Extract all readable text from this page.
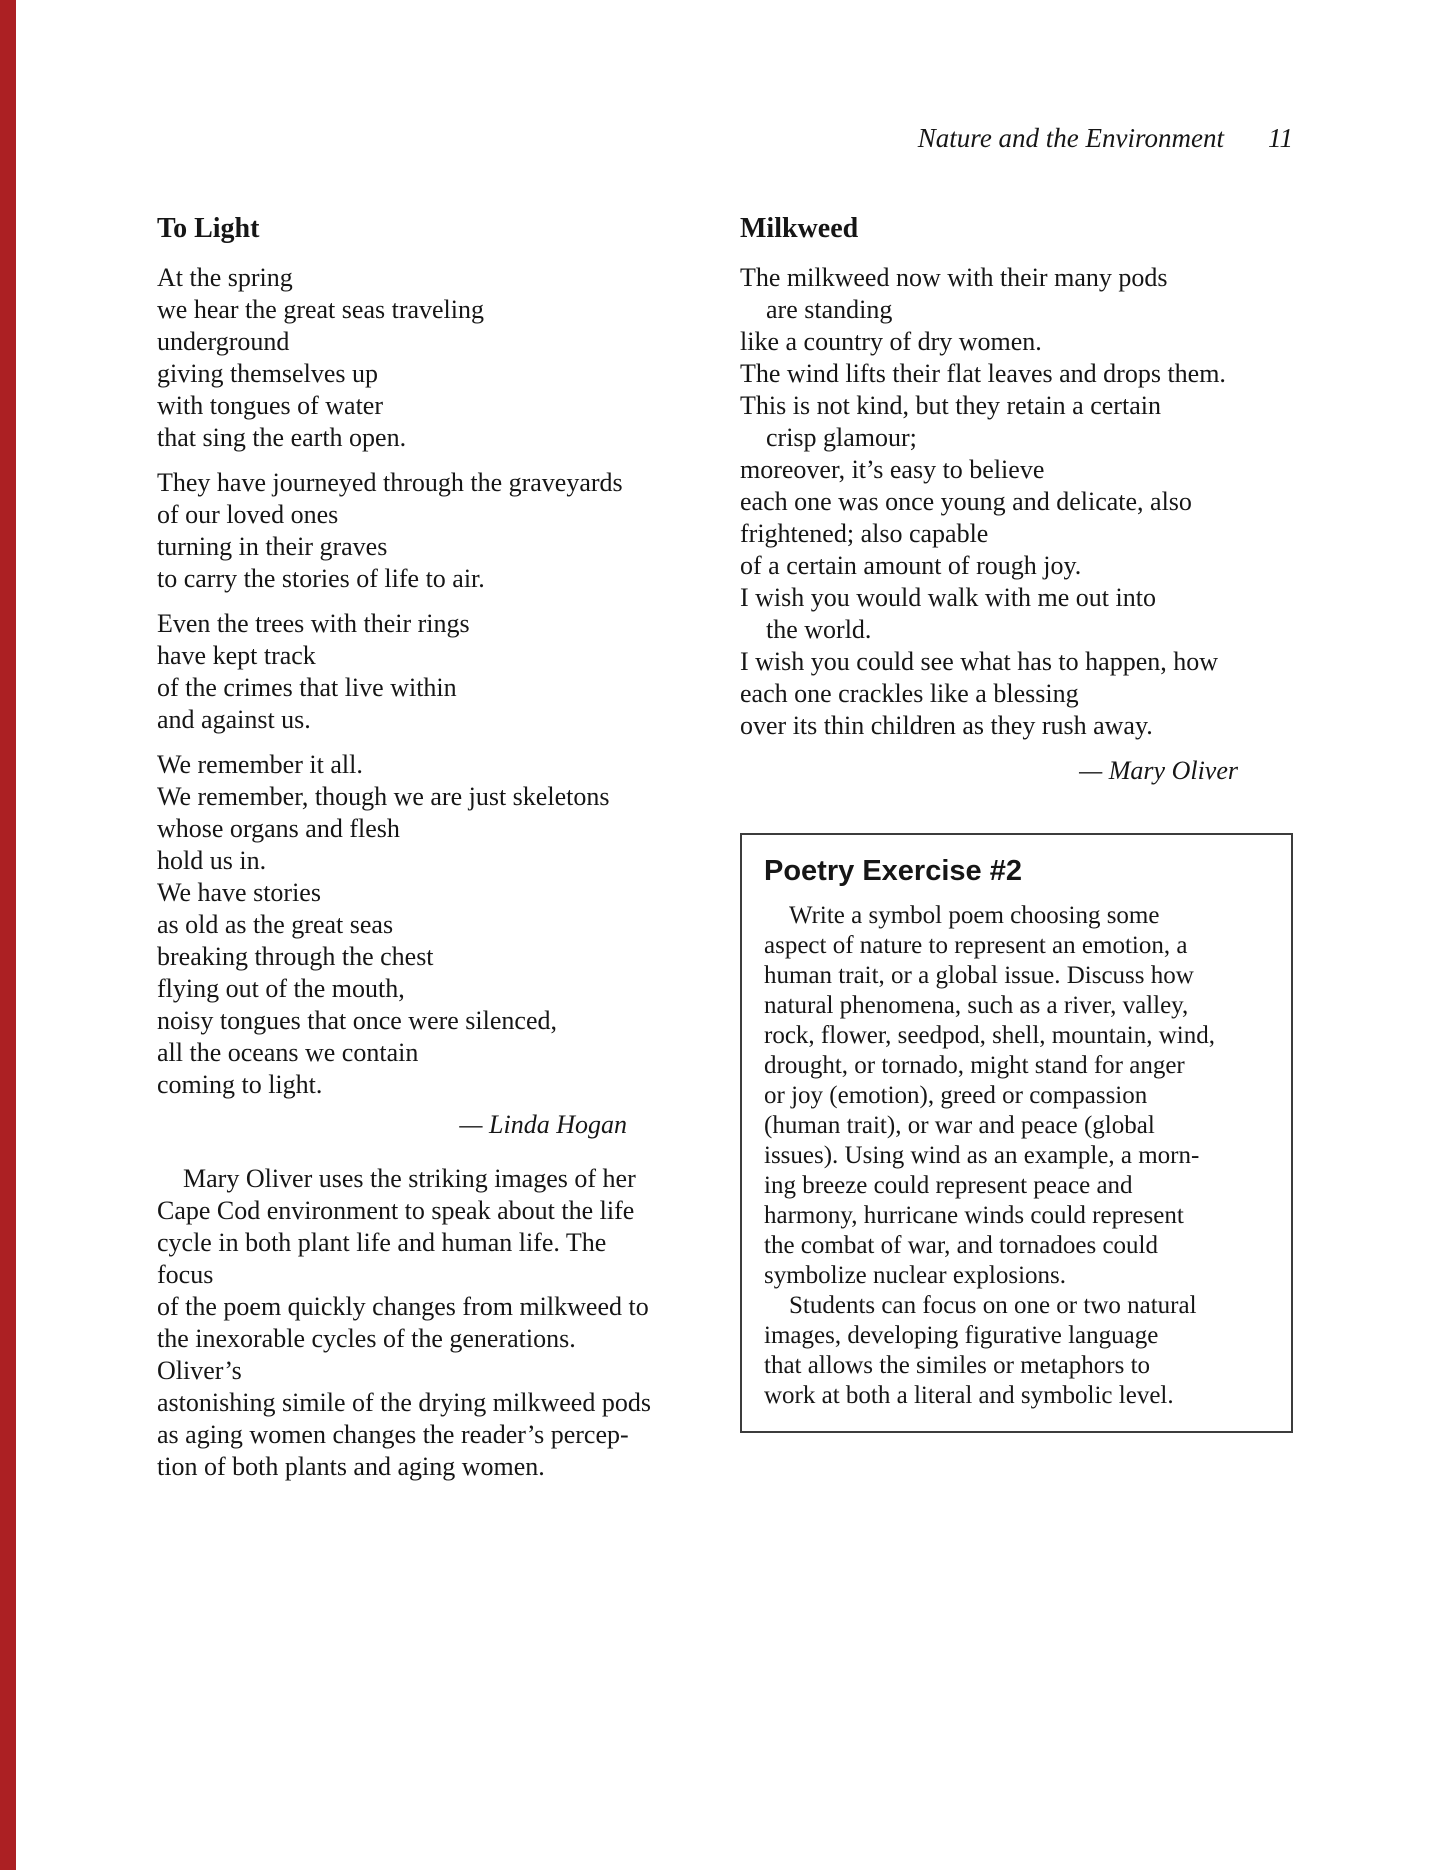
Nature and the Environment 11
To Light
At the spring
we hear the great seas traveling
underground
giving themselves up
with tongues of water
that sing the earth open.
They have journeyed through the graveyards
of our loved ones
turning in their graves
to carry the stories of life to air.
Even the trees with their rings
have kept track
of the crimes that live within
and against us.
We remember it all.
We remember, though we are just skeletons
whose organs and flesh
hold us in.
We have stories
as old as the great seas
breaking through the chest
flying out of the mouth,
noisy tongues that once were silenced,
all the oceans we contain
coming to light.
— Linda Hogan
Mary Oliver uses the striking images of her
Cape Cod environment to speak about the life
cycle in both plant life and human life. The focus
of the poem quickly changes from milkweed to
the inexorable cycles of the generations. Oliver’s
astonishing simile of the drying milkweed pods
as aging women changes the reader’s percep-
tion of both plants and aging women.
Milkweed
The milkweed now with their many pods
are standing
like a country of dry women.
The wind lifts their flat leaves and drops them.
This is not kind, but they retain a certain
crisp glamour;
moreover, it’s easy to believe
each one was once young and delicate, also
frightened; also capable
of a certain amount of rough joy.
I wish you would walk with me out into
the world.
I wish you could see what has to happen, how
each one crackles like a blessing
over its thin children as they rush away.
— Mary Oliver
Poetry Exercise #2
Write a symbol poem choosing some
aspect of nature to represent an emotion, a
human trait, or a global issue. Discuss how
natural phenomena, such as a river, valley,
rock, flower, seedpod, shell, mountain, wind,
drought, or tornado, might stand for anger
or joy (emotion), greed or compassion
(human trait), or war and peace (global
issues). Using wind as an example, a morn-
ing breeze could represent peace and
harmony, hurricane winds could represent
the combat of war, and tornadoes could
symbolize nuclear explosions.
Students can focus on one or two natural
images, developing figurative language
that allows the similes or metaphors to
work at both a literal and symbolic level.
